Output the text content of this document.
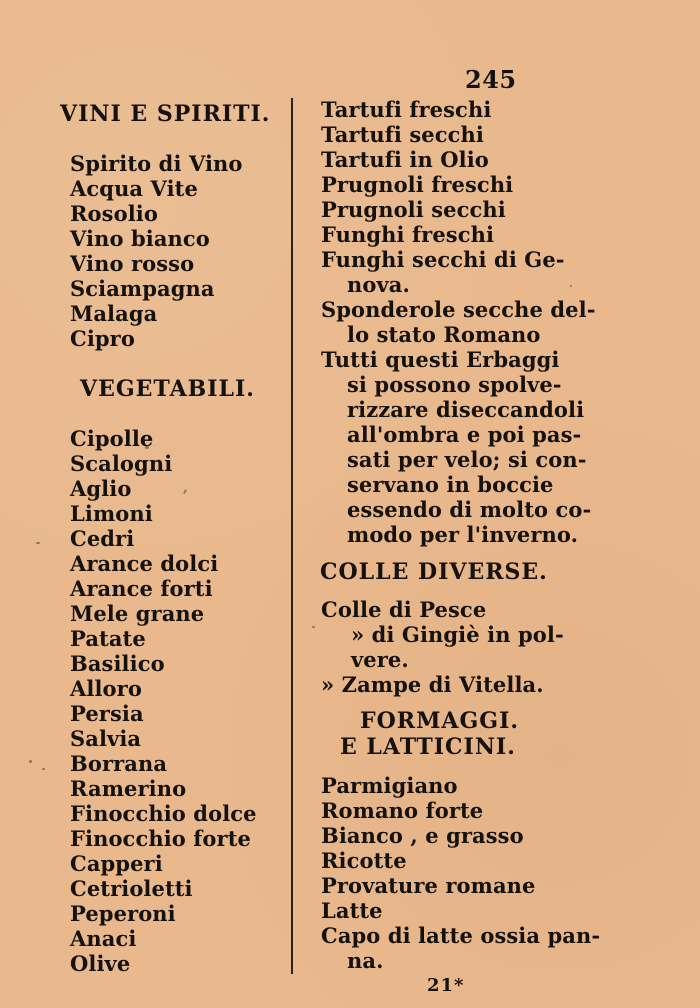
245
VINI E SPIRITI.
Spirito di Vino
Acqua Vite
Rosolio
Vino bianco
Vino rosso
Sciampagna
Malaga
Cipro
VEGETABILI.
Cipolle
Scalogni
Aglio
Limoni
Cedri
Arance dolci
Arance forti
Mele grane
Patate
Basilico
Alloro
Persia
Salvia
Borrana
Ramerino
Finocchio dolce
Finocchio forte
Capperi
Cetrioletti
Peperoni
Anaci
Olive
Tartufi freschi
Tartufi secchi
Tartufi in Olio
Prugnoli freschi
Prugnoli secchi
Funghi freschi
Funghi secchi di Ge-
nova.
Sponderole secche del-
lo stato Romano
Tutti questi Erbaggi
si possono spolve-
rizzare diseccandoli
all'ombra e poi pas-
sati per velo; si con-
servano in boccie
essendo di molto co-
modo per l'inverno.
COLLE DIVERSE.
Colle di Pesce
» di Gingiè in pol-
vere.
» Zampe di Vitella.
FORMAGGI.
E LATTICINI.
Parmigiano
Romano forte
Bianco , e grasso
Ricotte
Provature romane
Latte
Capo di latte ossia pan-
na.
21*
